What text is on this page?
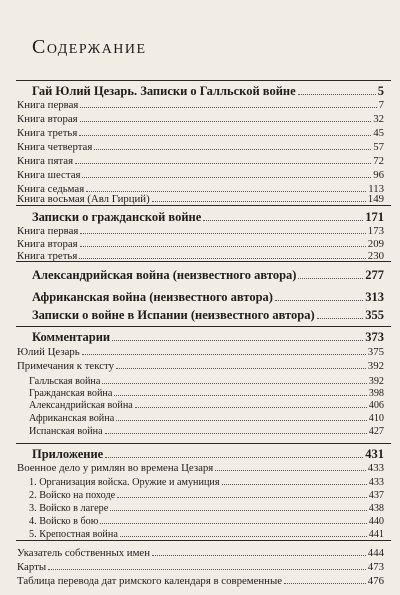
Содержание
Гай Юлий Цезарь. Записки о Галльской войне	5
Книга первая	7
Книга вторая	32
Книга третья	45
Книга четвертая	57
Книга пятая	72
Книга шестая	96
Книга седьмая	113
Книга восьмая (Авл Гирций)	149
Записки о гражданской войне	171
Книга первая	173
Книга вторая	209
Книга третья	230
Александрийская война (неизвестного автора)	277
Африканская война (неизвестного автора)	313
Записки о войне в Испании (неизвестного автора)	355
Комментарии	373
Юлий Цезарь	375
Примечания к тексту	392
Галльская война	392
Гражданская война	398
Александрийская война	406
Африканская война	410
Испанская война	427
Приложение	431
Военное дело у римлян во времена Цезаря	433
1. Организация войска. Оружие и амуниция	433
2. Войско на походе	437
3. Войско в лагере	438
4. Войско в бою	440
5. Крепостная война	441
Указатель собственных имен	444
Карты	473
Таблица перевода дат римского календаря в современные	476
